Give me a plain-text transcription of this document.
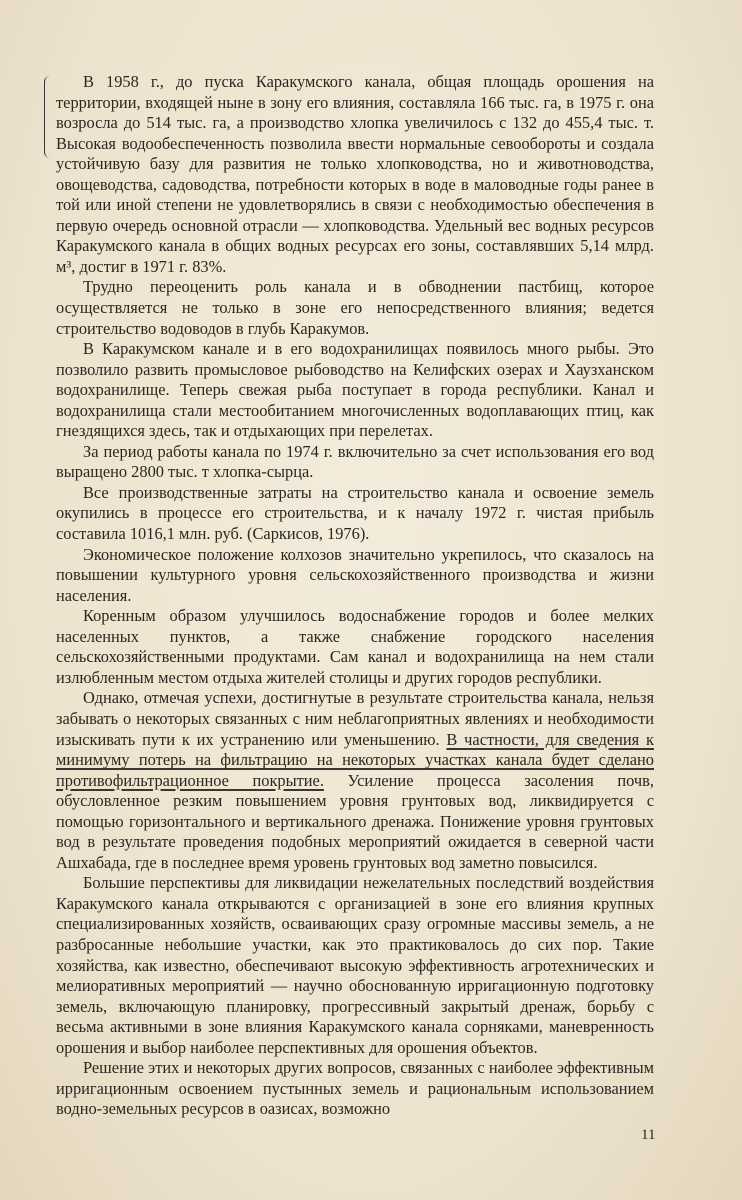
В 1958 г., до пуска Каракумского канала, общая площадь орошения на территории, входящей ныне в зону его влияния, составляла 166 тыс. га, в 1975 г. она возросла до 514 тыс. га, а производство хлопка увеличилось с 132 до 455,4 тыс. т. Высокая водообеспеченность позволила ввести нормальные севообороты и создала устойчивую базу для развития не только хлопководства, но и животноводства, овощеводства, садоводства, потребности которых в воде в маловодные годы ранее в той или иной степени не удовлетворялись в связи с необходимостью обеспечения в первую очередь основной отрасли — хлопководства. Удельный вес водных ресурсов Каракумского канала в общих водных ресурсах его зоны, составлявших 5,14 млрд. м³, достиг в 1971 г. 83%.

Трудно переоценить роль канала и в обводнении пастбищ, которое осуществляется не только в зоне его непосредственного влияния; ведется строительство водоводов в глубь Каракумов.

В Каракумском канале и в его водохранилищах появилось много рыбы. Это позволило развить промысловое рыбоводство на Келифских озерах и Хаузханском водохранилище. Теперь свежая рыба поступает в города республики. Канал и водохранилища стали местообитанием многочисленных водоплавающих птиц, как гнездящихся здесь, так и отдыхающих при перелетах.

За период работы канала по 1974 г. включительно за счет использования его вод выращено 2800 тыс. т хлопка-сырца.

Все производственные затраты на строительство канала и освоение земель окупились в процессе его строительства, и к началу 1972 г. чистая прибыль составила 1016,1 млн. руб. (Саркисов, 1976).

Экономическое положение колхозов значительно укрепилось, что сказалось на повышении культурного уровня сельскохозяйственного производства и жизни населения.

Коренным образом улучшилось водоснабжение городов и более мелких населенных пунктов, а также снабжение городского населения сельскохозяйственными продуктами. Сам канал и водохранилища на нем стали излюбленным местом отдыха жителей столицы и других городов республики.

Однако, отмечая успехи, достигнутые в результате строительства канала, нельзя забывать о некоторых связанных с ним неблагоприятных явлениях и необходимости изыскивать пути к их устранению или уменьшению. В частности, для сведения к минимуму потерь на фильтрацию на некоторых участках канала будет сделано противофильтрационное покрытие. Усиление процесса засоления почв, обусловленное резким повышением уровня грунтовых вод, ликвидируется с помощью горизонтального и вертикального дренажа. Понижение уровня грунтовых вод в результате проведения подобных мероприятий ожидается в северной части Ашхабада, где в последнее время уровень грунтовых вод заметно повысился.

Большие перспективы для ликвидации нежелательных последствий воздействия Каракумского канала открываются с организацией в зоне его влияния крупных специализированных хозяйств, осваивающих сразу огромные массивы земель, а не разбросанные небольшие участки, как это практиковалось до сих пор. Такие хозяйства, как известно, обеспечивают высокую эффективность агротехнических и мелиоративных мероприятий — научно обоснованную ирригационную подготовку земель, включающую планировку, прогрессивный закрытый дренаж, борьбу с весьма активными в зоне влияния Каракумского канала сорняками, маневренность орошения и выбор наиболее перспективных для орошения объектов.

Решение этих и некоторых других вопросов, связанных с наиболее эффективным ирригационным освоением пустынных земель и рациональным использованием водно-земельных ресурсов в оазисах, возможно

11
